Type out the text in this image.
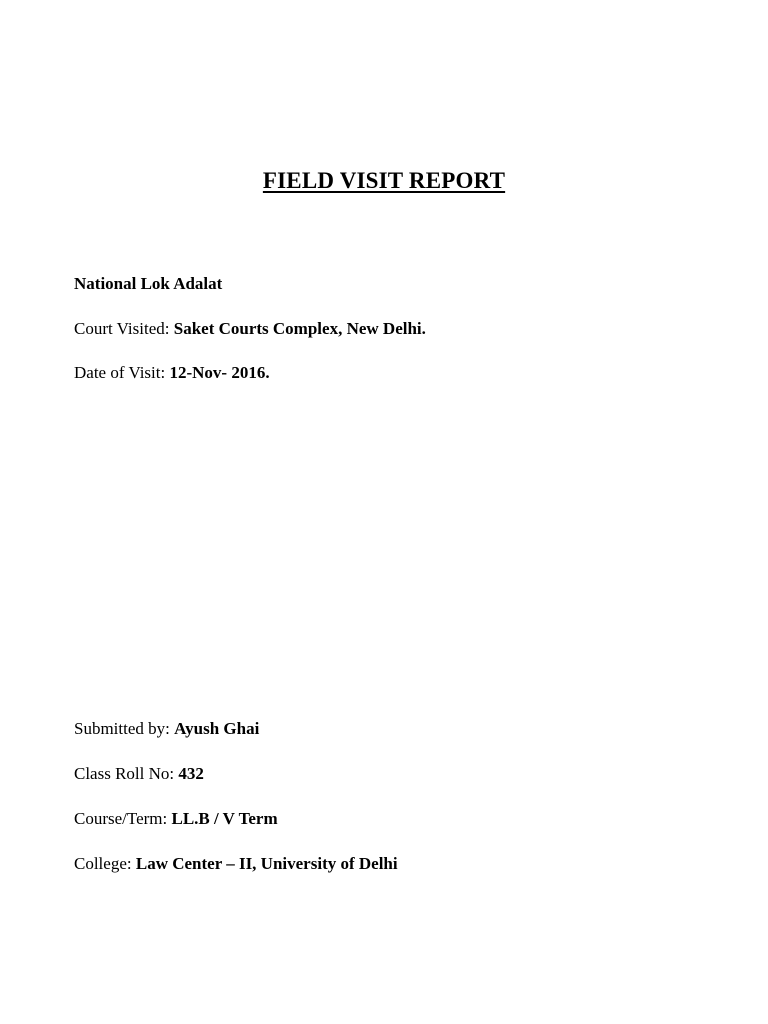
FIELD VISIT REPORT
National Lok Adalat
Court Visited: Saket Courts Complex, New Delhi.
Date of Visit: 12-Nov- 2016.
Submitted by: Ayush Ghai
Class Roll No: 432
Course/Term: LL.B / V Term
College: Law Center – II, University of Delhi
